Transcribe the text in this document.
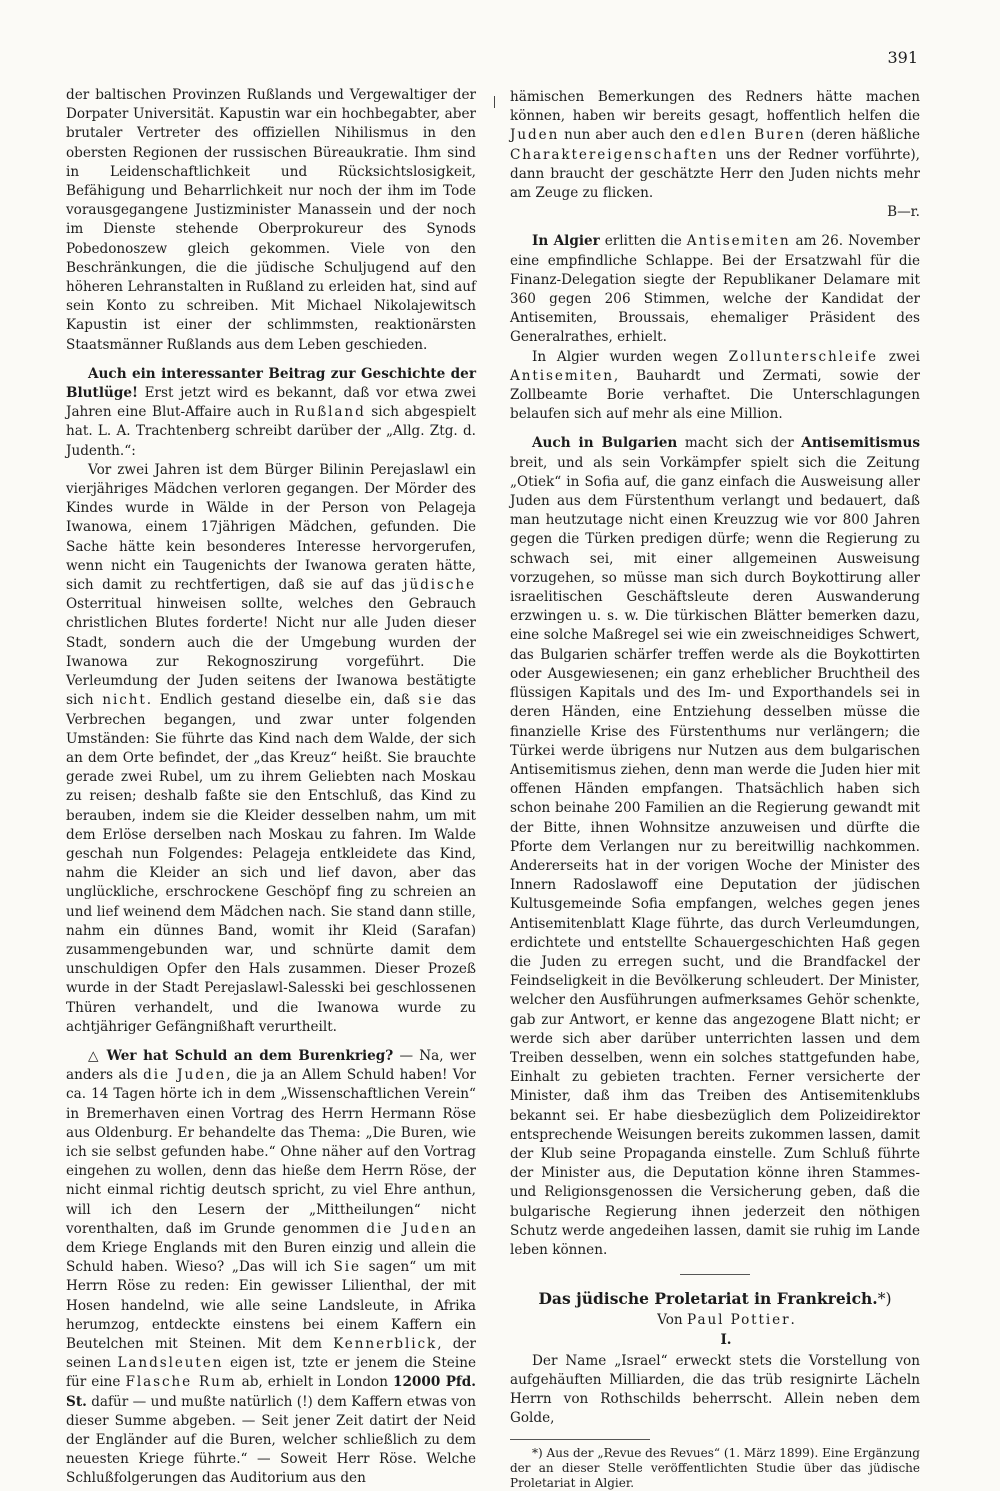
391

der baltischen Provinzen Rußlands und Vergewaltiger der Dorpater Universität. Kapustin war ein hochbegabter, aber brutaler Vertreter des offiziellen Nihilismus in den obersten Regionen der russischen Büreaukratie. Ihm sind in Leidenschaftlichkeit und Rücksichtslosigkeit, Befähigung und Beharrlichkeit nur noch der ihm im Tode vorausgegangene Justizminister Manassein und der noch im Dienste stehende Oberprokureur des Synods Pobedonoszew gleich gekommen. Viele von den Beschränkungen, die die jüdische Schuljugend auf den höheren Lehranstalten in Rußland zu erleiden hat, sind auf sein Konto zu schreiben. Mit Michael Nikolajewitsch Kapustin ist einer der schlimmsten, reaktionärsten Staatsmänner Rußlands aus dem Leben geschieden.

Auch ein interessanter Beitrag zur Geschichte der Blutlüge! Erst jetzt wird es bekannt, daß vor etwa zwei Jahren eine Blut-Affaire auch in Rußland sich abgespielt hat. L. A. Trachtenberg schreibt darüber der „Allg. Ztg. d. Judenth.“:

Vor zwei Jahren ist dem Bürger Bilinin Perejaslawl ein vierjähriges Mädchen verloren gegangen. Der Mörder des Kindes wurde in Wälde in der Person von Pelageja Iwanowa, einem 17jährigen Mädchen, gefunden. Die Sache hätte kein besonderes Interesse hervorgerufen, wenn nicht ein Taugenichts der Iwanowa geraten hätte, sich damit zu rechtfertigen, daß sie auf das jüdische Osterritual hinweisen sollte, welches den Gebrauch christlichen Blutes forderte! Nicht nur alle Juden dieser Stadt, sondern auch die der Umgebung wurden der Iwanowa zur Rekognoszirung vorgeführt. Die Verleumdung der Juden seitens der Iwanowa bestätigte sich nicht. Endlich gestand dieselbe ein, daß sie das Verbrechen begangen, und zwar unter folgenden Umständen: Sie führte das Kind nach dem Walde, der sich an dem Orte befindet, der „das Kreuz“ heißt. Sie brauchte gerade zwei Rubel, um zu ihrem Geliebten nach Moskau zu reisen; deshalb faßte sie den Entschluß, das Kind zu berauben, indem sie die Kleider desselben nahm, um mit dem Erlöse derselben nach Moskau zu fahren. Im Walde geschah nun Folgendes: Pelageja entkleidete das Kind, nahm die Kleider an sich und lief davon, aber das unglückliche, erschrockene Geschöpf fing zu schreien an und lief weinend dem Mädchen nach. Sie stand dann stille, nahm ein dünnes Band, womit ihr Kleid (Sarafan) zusammengebunden war, und schnürte damit dem unschuldigen Opfer den Hals zusammen. Dieser Prozeß wurde in der Stadt Perejaslawl-Salesski bei geschlossenen Thüren verhandelt, und die Iwanowa wurde zu achtjähriger Gefängnißhaft verurtheilt.

△ Wer hat Schuld an dem Burenkrieg? — Na, wer anders als die Juden, die ja an Allem Schuld haben! Vor ca. 14 Tagen hörte ich in dem „Wissenschaftlichen Verein“ in Bremerhaven einen Vortrag des Herrn Hermann Röse aus Oldenburg. Er behandelte das Thema: „Die Buren, wie ich sie selbst gefunden habe.“ Ohne näher auf den Vortrag eingehen zu wollen, denn das hieße dem Herrn Röse, der nicht einmal richtig deutsch spricht, zu viel Ehre anthun, will ich den Lesern der „Mittheilungen“ nicht vorenthalten, daß im Grunde genommen die Juden an dem Kriege Englands mit den Buren einzig und allein die Schuld haben. Wieso? „Das will ich Sie sagen“ um mit Herrn Röse zu reden: Ein gewisser Lilienthal, der mit Hosen handelnd, wie alle seine Landsleute, in Afrika herumzog, entdeckte einstens bei einem Kaffern ein Beutelchen mit Steinen. Mit dem Kennerblick, der seinen Landsleuten eigen ist, tzte er jenem die Steine für eine Flasche Rum ab, erhielt in London 12000 Pfd. St. dafür — und mußte natürlich (!) dem Kaffern etwas von dieser Summe abgeben. — Seit jener Zeit datirt der Neid der Engländer auf die Buren, welcher schließlich zu dem neuesten Kriege führte.“ — Soweit Herr Röse. Welche Schlußfolgerungen das Auditorium aus den

hämischen Bemerkungen des Redners hätte machen können, haben wir bereits gesagt, hoffentlich helfen die Juden nun aber auch den edlen Buren (deren häßliche Charaktereigenschaften uns der Redner vorführte), dann braucht der geschätzte Herr den Juden nichts mehr am Zeuge zu flicken.

B—r.

In Algier erlitten die Antisemiten am 26. November eine empfindliche Schlappe. Bei der Ersatzwahl für die Finanz-Delegation siegte der Republikaner Delamare mit 360 gegen 206 Stimmen, welche der Kandidat der Antisemiten, Broussais, ehemaliger Präsident des Generalrathes, erhielt.

In Algier wurden wegen Zollunterschleife zwei Antisemiten, Bauhardt und Zermati, sowie der Zollbeamte Borie verhaftet. Die Unterschlagungen belaufen sich auf mehr als eine Million.

Auch in Bulgarien macht sich der Antisemitismus breit, und als sein Vorkämpfer spielt sich die Zeitung „Otiek“ in Sofia auf, die ganz einfach die Ausweisung aller Juden aus dem Fürstenthum verlangt und bedauert, daß man heutzutage nicht einen Kreuzzug wie vor 800 Jahren gegen die Türken predigen dürfe; wenn die Regierung zu schwach sei, mit einer allgemeinen Ausweisung vorzugehen, so müsse man sich durch Boykottirung aller israelitischen Geschäftsleute deren Auswanderung erzwingen u. s. w. Die türkischen Blätter bemerken dazu, eine solche Maßregel sei wie ein zweischneidiges Schwert, das Bulgarien schärfer treffen werde als die Boykottirten oder Ausgewiesenen; ein ganz erheblicher Bruchtheil des flüssigen Kapitals und des Im- und Exporthandels sei in deren Händen, eine Entziehung desselben müsse die finanzielle Krise des Fürstenthums nur verlängern; die Türkei werde übrigens nur Nutzen aus dem bulgarischen Antisemitismus ziehen, denn man werde die Juden hier mit offenen Händen empfangen. Thatsächlich haben sich schon beinahe 200 Familien an die Regierung gewandt mit der Bitte, ihnen Wohnsitze anzuweisen und dürfte die Pforte dem Verlangen nur zu bereitwillig nachkommen. Andererseits hat in der vorigen Woche der Minister des Innern Radoslawoff eine Deputation der jüdischen Kultusgemeinde Sofia empfangen, welches gegen jenes Antisemitenblatt Klage führte, das durch Verleumdungen, erdichtete und entstellte Schauergeschichten Haß gegen die Juden zu erregen sucht, und die Brandfackel der Feindseligkeit in die Bevölkerung schleudert. Der Minister, welcher den Ausführungen aufmerksames Gehör schenkte, gab zur Antwort, er kenne das angezogene Blatt nicht; er werde sich aber darüber unterrichten lassen und dem Treiben desselben, wenn ein solches stattgefunden habe, Einhalt zu gebieten trachten. Ferner versicherte der Minister, daß ihm das Treiben des Antisemitenklubs bekannt sei. Er habe diesbezüglich dem Polizeidirektor entsprechende Weisungen bereits zukommen lassen, damit der Klub seine Propaganda einstelle. Zum Schluß führte der Minister aus, die Deputation könne ihren Stammes- und Religionsgenossen die Versicherung geben, daß die bulgarische Regierung ihnen jederzeit den nöthigen Schutz werde angedeihen lassen, damit sie ruhig im Lande leben können.

Das jüdische Proletariat in Frankreich.*)

Von Paul Pottier.

I.

Der Name „Israel“ erweckt stets die Vorstellung von aufgehäuften Milliarden, die das trüb resignirte Lächeln Herrn von Rothschilds beherrscht. Allein neben dem Golde,

*) Aus der „Revue des Revues“ (1. März 1899). Eine Ergänzung der an dieser Stelle veröffentlichten Studie über das jüdische Proletariat in Algier.
